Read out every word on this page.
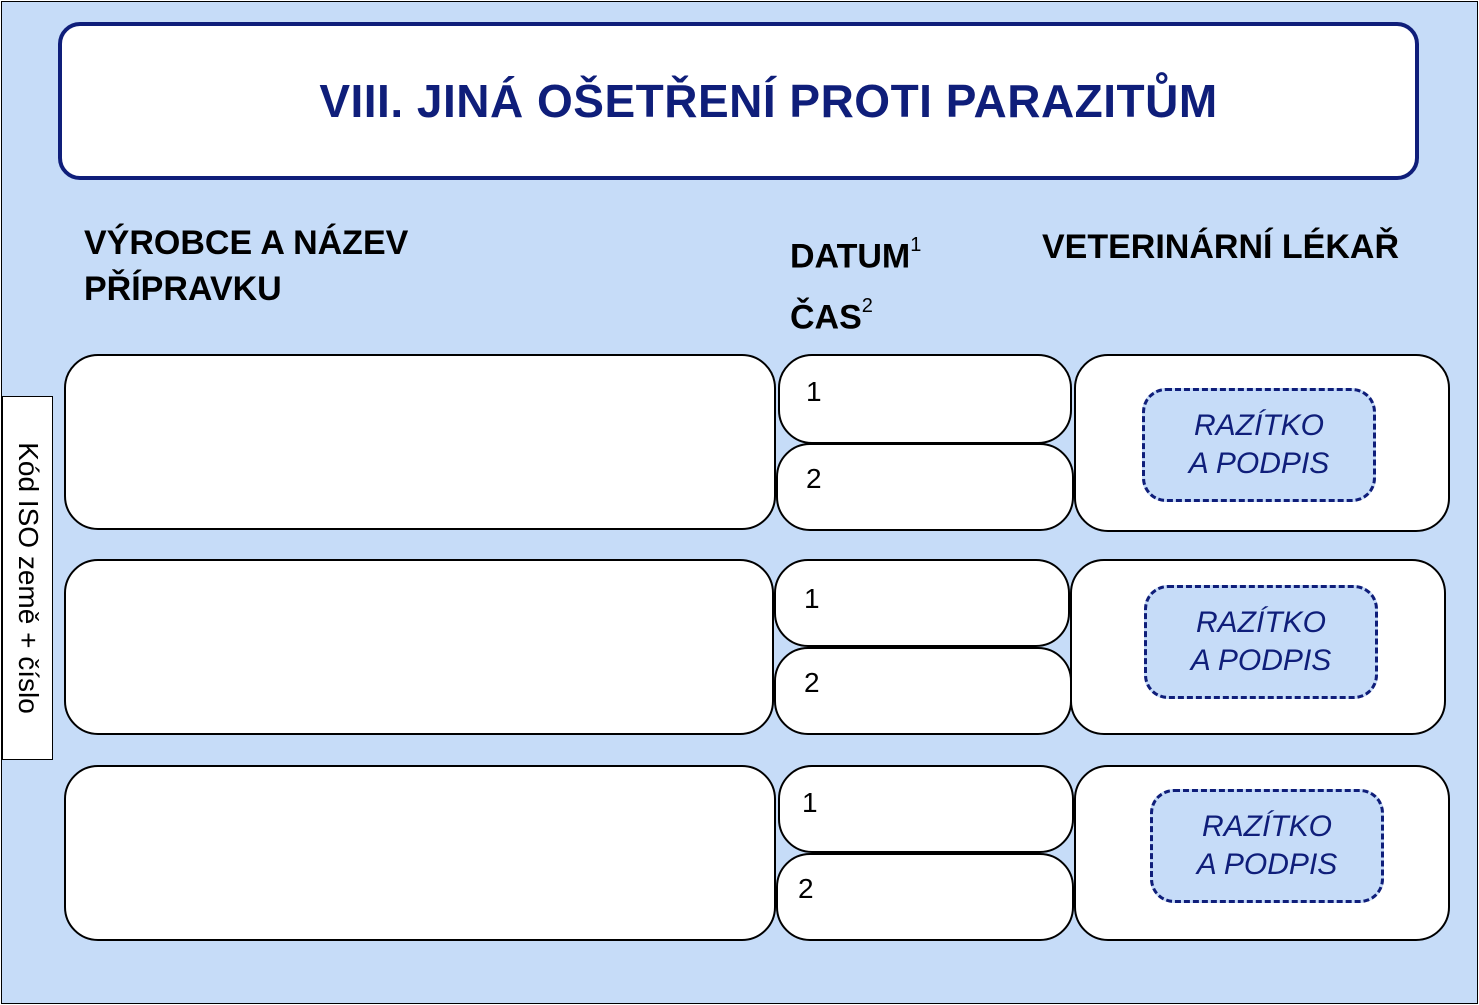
VIII. JINÁ OŠETŘENÍ PROTI PARAZITŮM
VÝROBCE A NÁZEV
PŘÍPRAVKU
DATUM$^1$
ČAS$^2$
VETERINÁRNÍ LÉKAŘ
1
2
RAZÍTKO
A PODPIS
1
2
RAZÍTKO
A PODPIS
1
2
RAZÍTKO
A PODPIS
Kód ISO země + číslo
